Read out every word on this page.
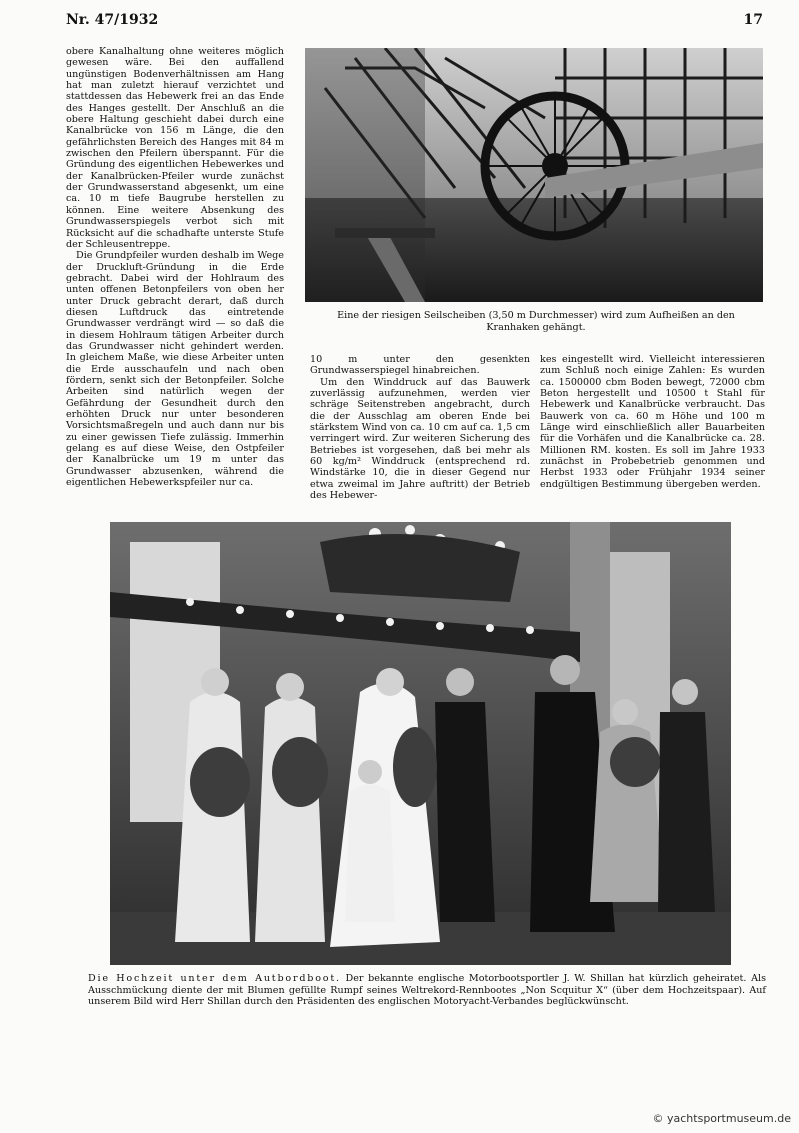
Nr. 47/1932	17

obere Kanalhaltung ohne weiteres möglich gewesen wäre. Bei den auffallend ungünstigen Bodenverhältnissen am Hang hat man zuletzt hierauf verzichtet und stattdessen das Hebewerk frei an das Ende des Hanges gestellt. Der Anschluß an die obere Haltung geschieht dabei durch eine Kanalbrücke von 156 m Länge, die den gefährlichsten Bereich des Hanges mit 84 m zwischen den Pfeilern überspannt. Für die Gründung des eigentlichen Hebewerkes und der Kanalbrücken-Pfeiler wurde zunächst der Grundwasserstand abgesenkt, um eine ca. 10 m tiefe Baugrube herstellen zu können. Eine weitere Absenkung des Grundwasserspiegels verbot sich mit Rücksicht auf die schadhafte unterste Stufe der Schleusentreppe.

Die Grundpfeiler wurden deshalb im Wege der Druckluft-Gründung in die Erde gebracht. Dabei wird der Hohlraum des unten offenen Betonpfeilers von oben her unter Druck gebracht derart, daß durch diesen Luftdruck das eintretende Grundwasser verdrängt wird — so daß die in diesem Hohlraum tätigen Arbeiter durch das Grundwasser nicht gehindert werden. In gleichem Maße, wie diese Arbeiter unten die Erde ausschaufeln und nach oben fördern, senkt sich der Betonpfeiler. Solche Arbeiten sind natürlich wegen der Gefährdung der Gesundheit durch den erhöhten Druck nur unter besonderen Vorsichtsmaßregeln und auch dann nur bis zu einer gewissen Tiefe zulässig. Immerhin gelang es auf diese Weise, den Ostpfeiler der Kanalbrücke um 19 m unter das Grundwasser abzusenken, während die eigentlichen Hebewerkspfeiler nur ca.

Eine der riesigen Seilscheiben (3,50 m Durchmesser) wird zum Aufheißen an den Kranhaken gehängt.

10 m unter den gesenkten Grundwasserspiegel hinabreichen.

Um den Winddruck auf das Bauwerk zuverlässig aufzunehmen, werden vier schräge Seitenstreben angebracht, durch die der Ausschlag am oberen Ende bei stärkstem Wind von ca. 10 cm auf ca. 1,5 cm verringert wird. Zur weiteren Sicherung des Betriebes ist vorgesehen, daß bei mehr als 60 kg/m² Winddruck (entsprechend rd. Windstärke 10, die in dieser Gegend nur etwa zweimal im Jahre auftritt) der Betrieb des Hebewer-

kes eingestellt wird. Vielleicht interessieren zum Schluß noch einige Zahlen: Es wurden ca. 1500000 cbm Boden bewegt, 72000 cbm Beton hergestellt und 10500 t Stahl für Hebewerk und Kanalbrücke verbraucht. Das Bauwerk von ca. 60 m Höhe und 100 m Länge wird einschließlich aller Bauarbeiten für die Vorhäfen und die Kanalbrücke ca. 28. Millionen RM. kosten. Es soll im Jahre 1933 zunächst in Probebetrieb genommen und Herbst 1933 oder Frühjahr 1934 seiner endgültigen Bestimmung übergeben werden.

Die Hochzeit unter dem Autbordboot. Der bekannte englische Motorbootsportler J. W. Shillan hat kürzlich geheiratet. Als Ausschmückung diente der mit Blumen gefüllte Rumpf seines Weltrekord-Rennbootes „Non Scquitur X“ (über dem Hochzeitspaar). Auf unserem Bild wird Herr Shillan durch den Präsidenten des englischen Motoryacht-Verbandes beglückwünscht.
© yachtsportmuseum.de
